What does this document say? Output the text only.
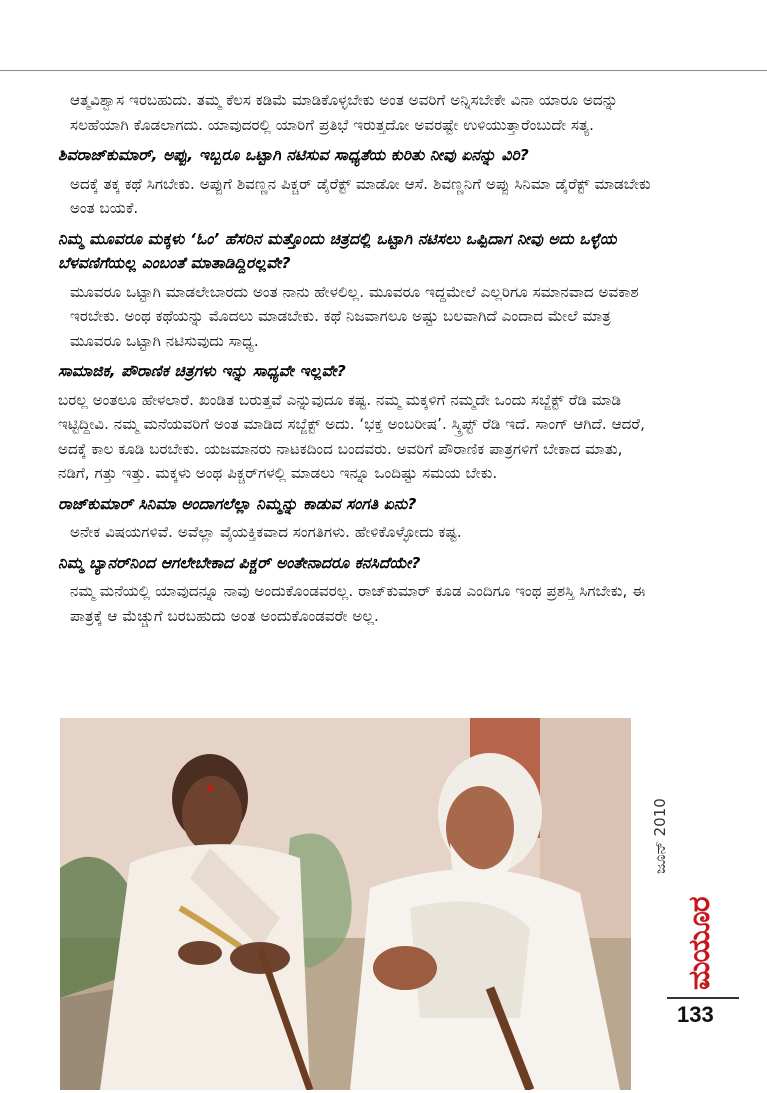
ಆತ್ಮವಿಶ್ವಾಸ ಇರಬಹುದು. ತಮ್ಮ ಕೆಲಸ ಕಡಿಮೆ ಮಾಡಿಕೊಳ್ಳಬೇಕು ಅಂತ ಅವರಿಗೆ ಅನ್ನಿಸಬೇಕೇ ವಿನಾ ಯಾರೂ ಅದನ್ನು ಸಲಹೆಯಾಗಿ ಕೊಡಲಾಗದು. ಯಾವುದರಲ್ಲಿ ಯಾರಿಗೆ ಪ್ರತಿಭೆ ಇರುತ್ತದೋ ಅವರಷ್ಟೇ ಉಳಿಯುತ್ತಾರೆಂಬುದೇ ಸತ್ಯ.

ಶಿವರಾಜ್‌ಕುಮಾರ್, ಅಪ್ಪು, ಇಬ್ಬರೂ ಒಟ್ಟಾಗಿ ನಟಿಸುವ ಸಾಧ್ಯತೆಯ ಕುರಿತು ನೀವು ಏನನ್ನು ವಿರಿ?

ಅದಕ್ಕೆ ತಕ್ಕ ಕಥೆ ಸಿಗಬೇಕು. ಅಪ್ಪುಗೆ ಶಿವಣ್ಣನ ಪಿಕ್ಚರ್ ಡೈರೆಕ್ಟ್ ಮಾಡೋ ಆಸೆ. ಶಿವಣ್ಣನಿಗೆ ಅಪ್ಪು ಸಿನಿಮಾ ಡೈರೆಕ್ಟ್ ಮಾಡಬೇಕು ಅಂತ ಬಯಕೆ.

ನಿಮ್ಮ ಮೂವರೂ ಮಕ್ಕಳು ‘ಓಂ’ ಹೆಸರಿನ ಮತ್ತೊಂದು ಚಿತ್ರದಲ್ಲಿ ಒಟ್ಟಾಗಿ ನಟಿಸಲು ಒಪ್ಪಿದಾಗ ನೀವು ಅದು ಒಳ್ಳೆಯ ಬೆಳವಣಿಗೆಯಲ್ಲ ಎಂಬಂತೆ ಮಾತಾಡಿದ್ದಿರಲ್ಲವೇ?

ಮೂವರೂ ಒಟ್ಟಾಗಿ ಮಾಡಲೇಬಾರದು ಅಂತ ನಾನು ಹೇಳಲಿಲ್ಲ. ಮೂವರೂ ಇದ್ದಮೇಲೆ ಎಲ್ಲರಿಗೂ ಸಮಾನವಾದ ಅವಕಾಶ ಇರಬೇಕು. ಅಂಥ ಕಥೆಯನ್ನು ಮೊದಲು ಮಾಡಬೇಕು. ಕಥೆ ನಿಜವಾಗಲೂ ಅಷ್ಟು ಬಲವಾಗಿದೆ ಎಂದಾದ ಮೇಲೆ ಮಾತ್ರ ಮೂವರೂ ಒಟ್ಟಾಗಿ ನಟಿಸುವುದು ಸಾಧ್ಯ.

ಸಾಮಾಜಿಕ, ಪೌರಾಣಿಕ ಚಿತ್ರಗಳು ಇನ್ನು ಸಾಧ್ಯವೇ ಇಲ್ಲವೇ?

ಬರಲ್ಲ ಅಂತಲೂ ಹೇಳಲಾರೆ. ಖಂಡಿತ ಬರುತ್ತವೆ ಎನ್ನುವುದೂ ಕಷ್ಟ. ನಮ್ಮ ಮಕ್ಕಳಿಗೆ ನಮ್ಮದೇ ಒಂದು ಸಬ್ಜೆಕ್ಟ್ ರೆಡಿ ಮಾಡಿ ಇಟ್ಟಿದ್ದೀವಿ. ನಮ್ಮ ಮನೆಯವರಿಗೆ ಅಂತ ಮಾಡಿದ ಸಬ್ಜೆಕ್ಟ್ ಅದು. ‘ಭಕ್ತ ಅಂಬರೀಷ’. ಸ್ಕ್ರಿಪ್ಟ್ ರೆಡಿ ಇದೆ. ಸಾಂಗ್ ಆಗಿದೆ. ಆದರೆ, ಅದಕ್ಕೆ ಕಾಲ ಕೂಡಿ ಬರಬೇಕು. ಯಜಮಾನರು ನಾಟಕದಿಂದ ಬಂದವರು. ಅವರಿಗೆ ಪೌರಾಣಿಕ ಪಾತ್ರಗಳಿಗೆ ಬೇಕಾದ ಮಾತು, ನಡಿಗೆ, ಗತ್ತು ಇತ್ತು. ಮಕ್ಕಳು ಅಂಥ ಪಿಕ್ಚರ್‌ಗಳಲ್ಲಿ ಮಾಡಲು ಇನ್ನೂ ಒಂದಿಷ್ಟು ಸಮಯ ಬೇಕು.

ರಾಜ್‌ಕುಮಾರ್ ಸಿನಿಮಾ ಅಂದಾಗಲೆಲ್ಲಾ ನಿಮ್ಮನ್ನು ಕಾಡುವ ಸಂಗತಿ ಏನು?

ಅನೇಕ ವಿಷಯಗಳಿವೆ. ಅವೆಲ್ಲಾ ವೈಯಕ್ತಿಕವಾದ ಸಂಗತಿಗಳು. ಹೇಳಿಕೊಳ್ಳೋದು ಕಷ್ಟ.

ನಿಮ್ಮ ಬ್ಯಾನರ್‌ನಿಂದ ಆಗಲೇಬೇಕಾದ ಪಿಕ್ಚರ್ ಅಂತೇನಾದರೂ ಕನಸಿದೆಯೇ?

ನಮ್ಮ ಮನೆಯಲ್ಲಿ ಯಾವುದನ್ನೂ ನಾವು ಅಂದುಕೊಂಡವರಲ್ಲ. ರಾಜ್‌ಕುಮಾರ್ ಕೂಡ ಎಂದಿಗೂ ಇಂಥ ಪ್ರಶಸ್ತಿ ಸಿಗಬೇಕು, ಈ ಪಾತ್ರಕ್ಕೆ ಆ ಮೆಚ್ಚುಗೆ ಬರಬಹುದು ಅಂತ ಅಂದುಕೊಂಡವರೇ ಅಲ್ಲ.

ಜೂನ್ 2010
ಮಯೂರ
133
